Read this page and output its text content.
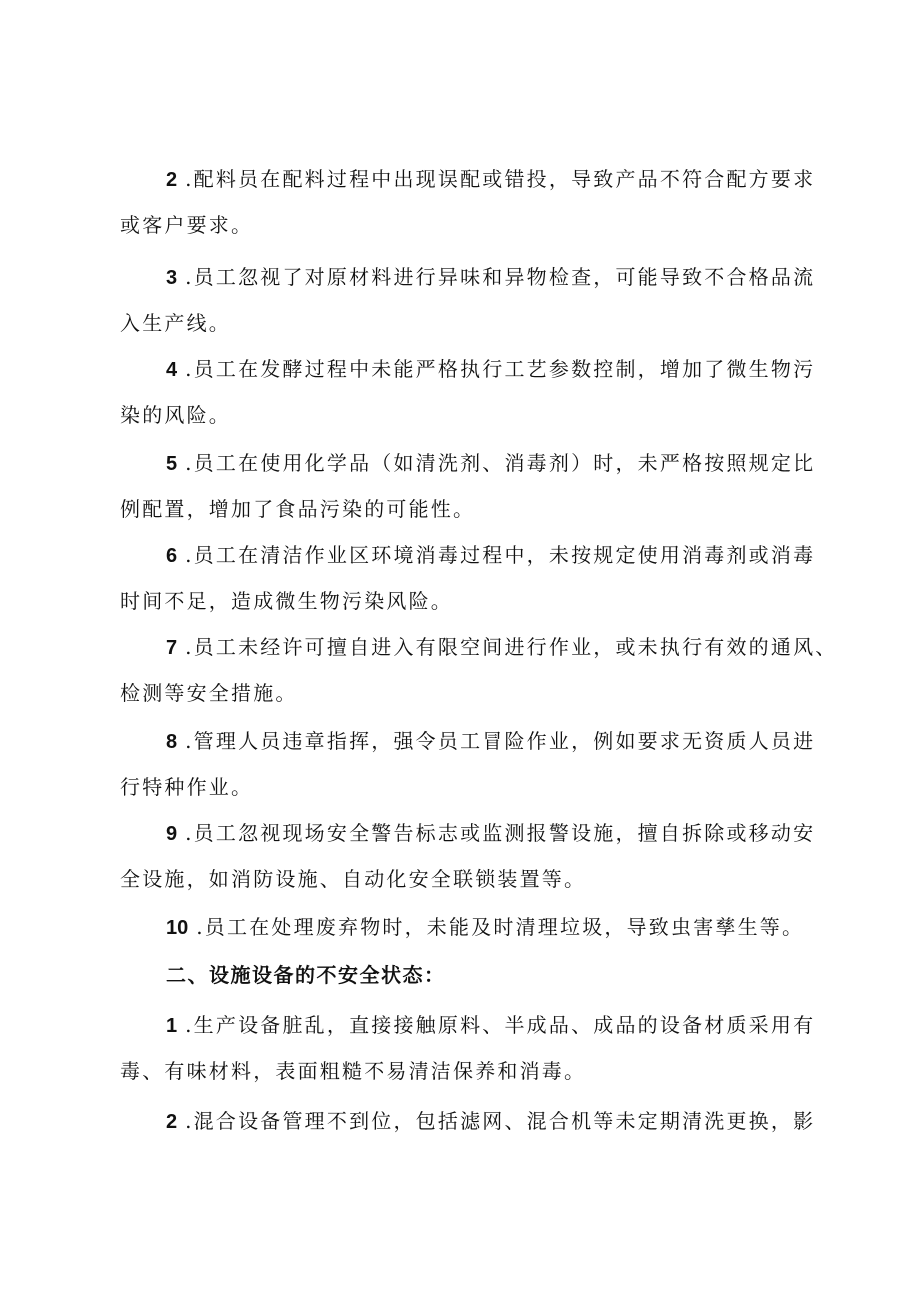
2 .配料员在配料过程中出现误配或错投，导致产品不符合配方要求
或客户要求。
3 .员工忽视了对原材料进行异味和异物检查，可能导致不合格品流
入生产线。
4 .员工在发酵过程中未能严格执行工艺参数控制，增加了微生物污
染的风险。
5 .员工在使用化学品（如清洗剂、消毒剂）时，未严格按照规定比
例配置，增加了食品污染的可能性。
6 .员工在清洁作业区环境消毒过程中，未按规定使用消毒剂或消毒
时间不足，造成微生物污染风险。
7 .员工未经许可擅自进入有限空间进行作业，或未执行有效的通风、
检测等安全措施。
8 .管理人员违章指挥，强令员工冒险作业，例如要求无资质人员进
行特种作业。
9 .员工忽视现场安全警告标志或监测报警设施，擅自拆除或移动安
全设施，如消防设施、自动化安全联锁装置等。
10 .员工在处理废弃物时，未能及时清理垃圾，导致虫害孳生等。
二、设施设备的不安全状态：
1 .生产设备脏乱，直接接触原料、半成品、成品的设备材质采用有
毒、有味材料，表面粗糙不易清洁保养和消毒。
2 .混合设备管理不到位，包括滤网、混合机等未定期清洗更换，影
